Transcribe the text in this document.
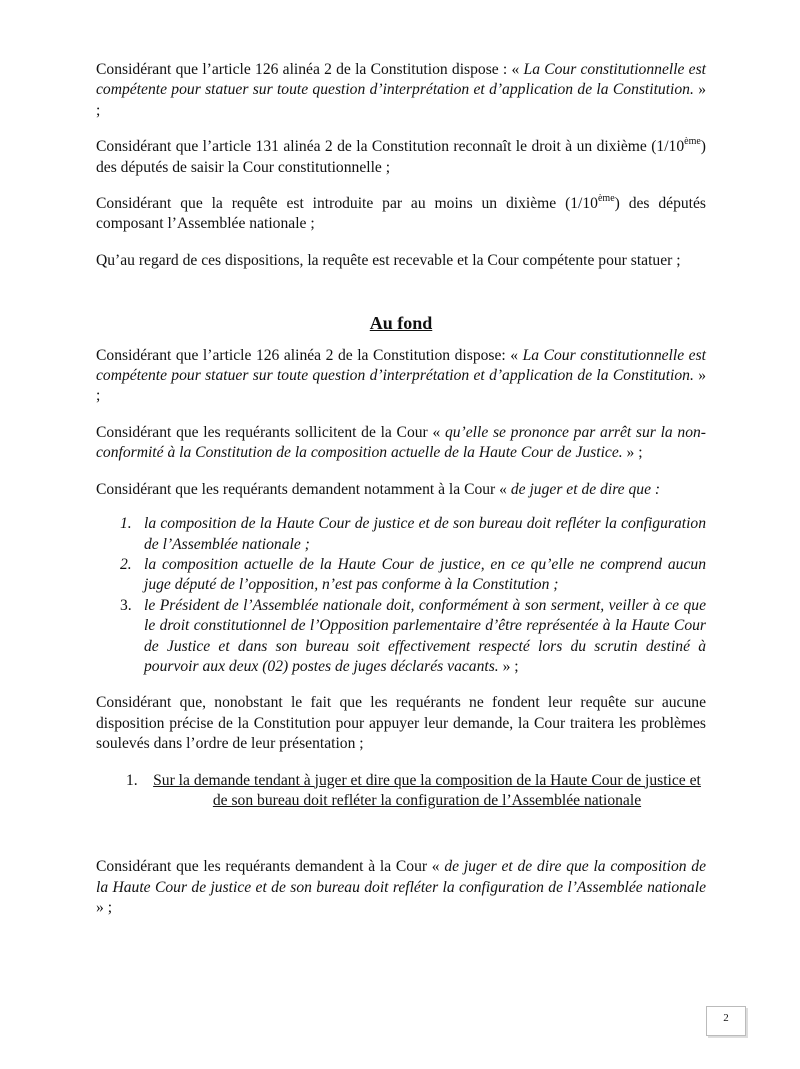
Considérant que l’article 126 alinéa 2 de la Constitution dispose : « La Cour constitutionnelle est compétente pour statuer sur toute question d’interprétation et d’application de la Constitution. » ;

Considérant que l’article 131 alinéa 2 de la Constitution reconnaît le droit à un dixième (1/10ème) des députés de saisir la Cour constitutionnelle ;

Considérant que la requête est introduite par au moins un dixième (1/10ème) des députés composant l’Assemblée nationale ;

Qu’au regard de ces dispositions, la requête est recevable et la Cour compétente pour statuer ;

Au fond

Considérant que l’article 126 alinéa 2 de la Constitution dispose: « La Cour constitutionnelle est compétente pour statuer sur toute question d’interprétation et d’application de la Constitution. » ;

Considérant que les requérants sollicitent de la Cour « qu’elle se prononce par arrêt sur la non-conformité à la Constitution de la composition actuelle de la Haute Cour de Justice. » ;

Considérant que les requérants demandent notamment à la Cour « de juger et de dire que :

1. la composition de la Haute Cour de justice et de son bureau doit refléter la configuration de l’Assemblée nationale ;
2. la composition actuelle de la Haute Cour de justice, en ce qu’elle ne comprend aucun juge député de l’opposition, n’est pas conforme à la Constitution ;
3. le Président de l’Assemblée nationale doit, conformément à son serment, veiller à ce que le droit constitutionnel de l’Opposition parlementaire d’être représentée à la Haute Cour de Justice et dans son bureau soit effectivement respecté lors du scrutin destiné à pourvoir aux deux (02) postes de juges déclarés vacants. » ;

Considérant que, nonobstant le fait que les requérants ne fondent leur requête sur aucune disposition précise de la Constitution pour appuyer leur demande, la Cour traitera les problèmes soulevés dans l’ordre de leur présentation ;

1. Sur la demande tendant à juger et dire que la composition de la Haute Cour de justice et de son bureau doit refléter la configuration de l’Assemblée nationale

Considérant que les requérants demandent à la Cour « de juger et de dire que la composition de la Haute Cour de justice et de son bureau doit refléter la configuration de l’Assemblée nationale » ;

2
